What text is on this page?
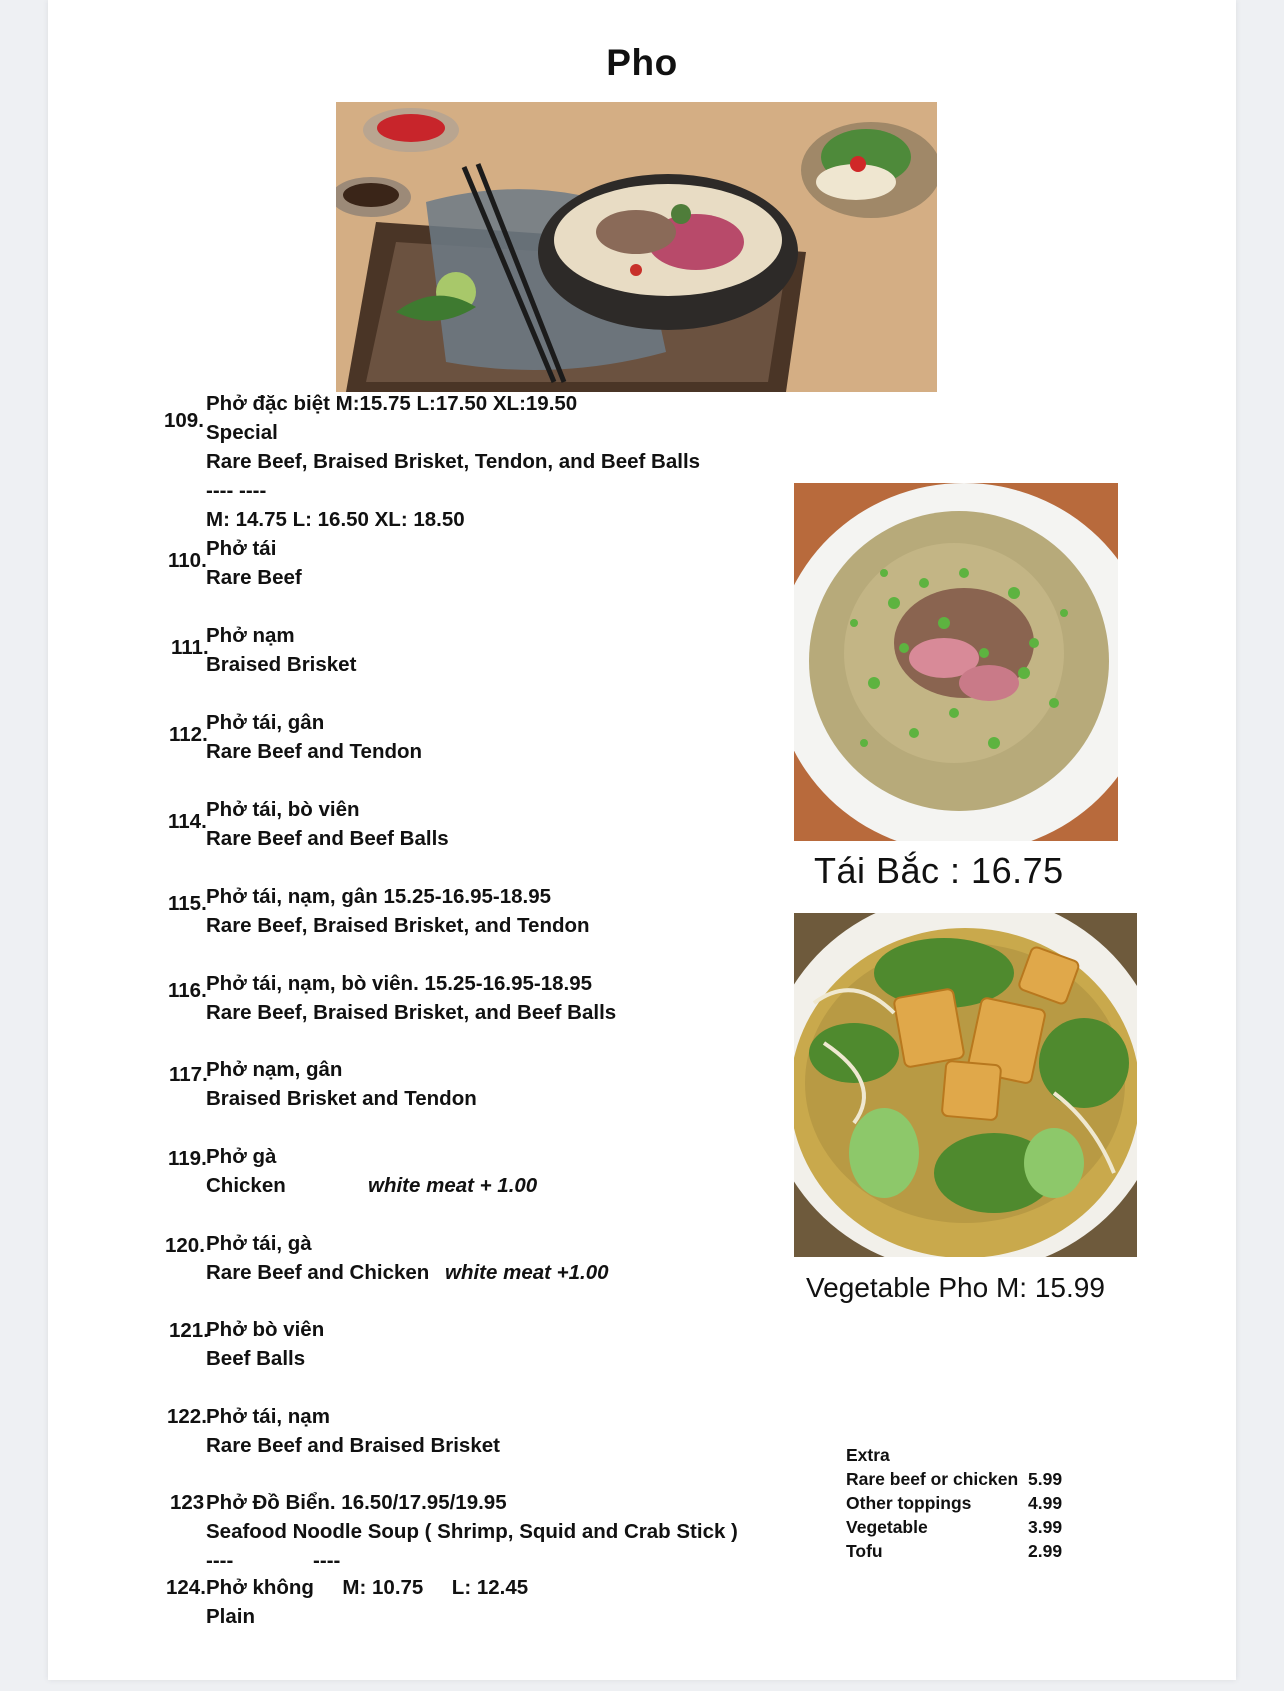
Pho
109.
Phở đặc biệt M:15.75 L:17.50 XL:19.50
Special
Rare Beef, Braised Brisket, Tendon, and Beef Balls
---- ----
M: 14.75 L: 16.50 XL: 18.50
110.
Phở tái
Rare Beef
111.
Phở nạm
Braised Brisket
112.
Phở tái, gân
Rare Beef and Tendon
114.
Phở tái, bò viên
Rare Beef and Beef Balls
115. Phở tái, nạm, gân 15.25-16.95-18.95
Rare Beef, Braised Brisket, and Tendon
116. Phở tái, nạm, bò viên. 15.25-16.95-18.95
Rare Beef, Braised Brisket, and Beef Balls
117.
Phở nạm, gân
Braised Brisket and Tendon
119. Phở gà
Chicken	white meat + 1.00
120. Phở tái, gà
Rare Beef and Chicken white meat +1.00
121.
Phở bò viên
Beef Balls
122. Phở tái, nạm
Rare Beef and Braised Brisket
123 Phở Đồ Biển. 16.50/17.95/19.95
Seafood Noodle Soup ( Shrimp, Squid and Crab Stick )
----              ----
124. Phở không     M: 10.75     L: 12.45
Plain
Tái Bắc : 16.75
Vegetable Pho M: 15.99
Extra
Rare beef or chicken 5.99
Other toppings	4.99
Vegetable	3.99
Tofu	2.99
